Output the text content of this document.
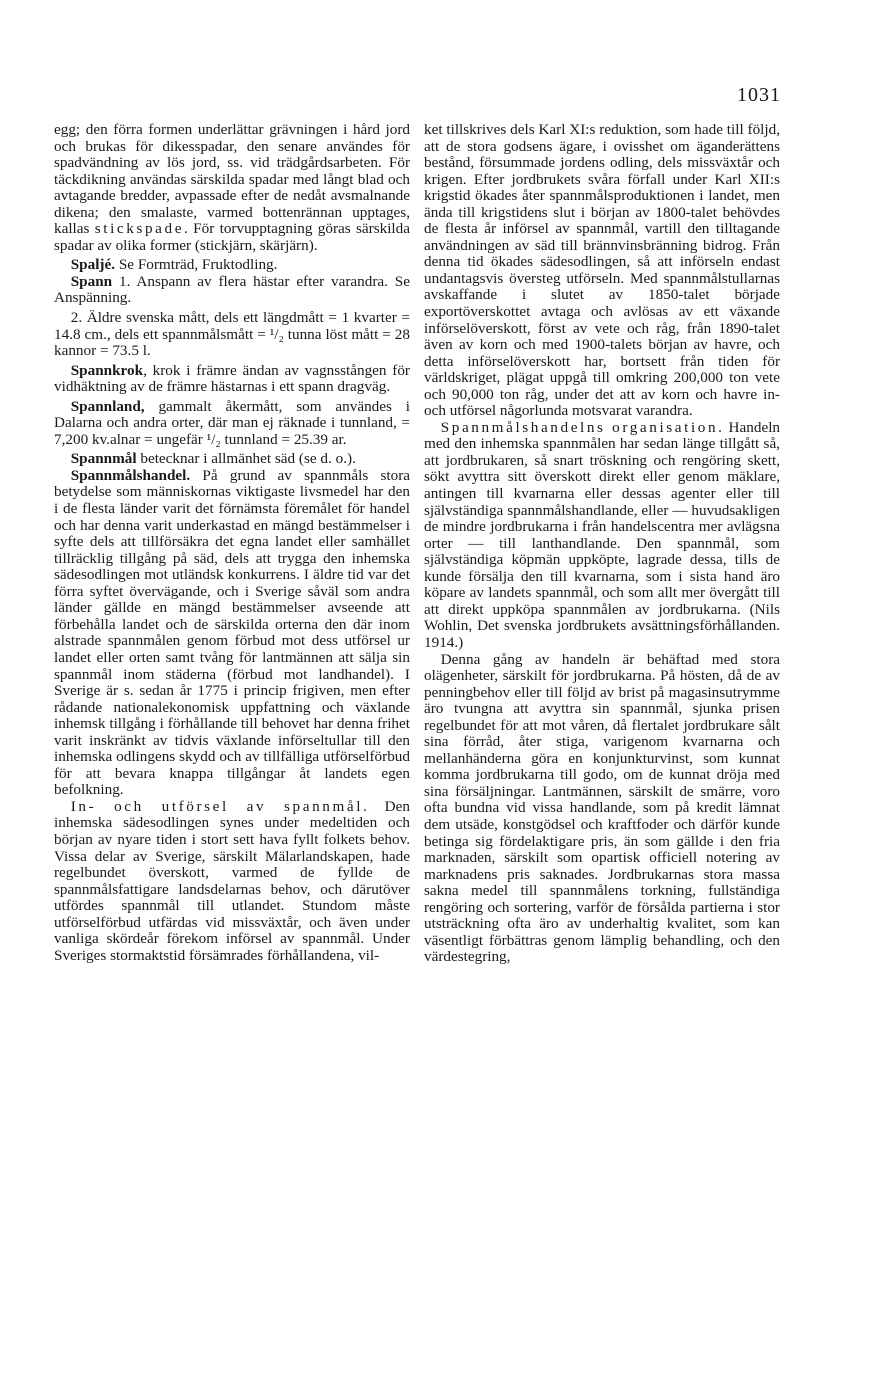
1031

egg; den förra formen underlättar grävningen i hård jord och brukas för dikesspadar, den senare användes för spadvändning av lös jord, ss. vid trädgårdsarbeten. För täckdikning användas särskilda spadar med långt blad och avtagande bredder, avpassade efter de nedåt avsmalnande dikena; den smalaste, varmed bottenrännan upptages, kallas stickspade. För torvupptagning göras särskilda spadar av olika former (stickjärn, skärjärn).

Spaljé. Se Formträd, Fruktodling.

Spann 1. Anspann av flera hästar efter varandra. Se Anspänning.

2. Äldre svenska mått, dels ett längdmått = 1 kvarter = 14.8 cm., dels ett spannmålsmått = ¹/₂ tunna löst mått = 28 kannor = 73.5 l.

Spannkrok, krok i främre ändan av vagnsstången för vidhäktning av de främre hästarnas i ett spann dragväg.

Spannland, gammalt åkermått, som användes i Dalarna och andra orter, där man ej räknade i tunnland, = 7,200 kv.alnar = ungefär ¹/₂ tunnland = 25.39 ar.

Spannmål betecknar i allmänhet säd (se d. o.).

Spannmålshandel. På grund av spannmåls stora betydelse som människornas viktigaste livsmedel har den i de flesta länder varit det förnämsta föremålet för handel och har denna varit underkastad en mängd bestämmelser i syfte dels att tillförsäkra det egna landet eller samhället tillräcklig tillgång på säd, dels att trygga den inhemska sädesodlingen mot utländsk konkurrens. I äldre tid var det förra syftet övervägande, och i Sverige såväl som andra länder gällde en mängd bestämmelser avseende att förbehålla landet och de särskilda orterna den där inom alstrade spannmålen genom förbud mot dess utförsel ur landet eller orten samt tvång för lantmännen att sälja sin spannmål inom städerna (förbud mot landhandel). I Sverige är s. sedan år 1775 i princip frigiven, men efter rådande nationalekonomisk uppfattning och växlande inhemsk tillgång i förhållande till behovet har denna frihet varit inskränkt av tidvis växlande införseltullar till den inhemska odlingens skydd och av tillfälliga utförselförbud för att bevara knappa tillgångar åt landets egen befolkning.

In- och utförsel av spannmål. Den inhemska sädesodlingen synes under medeltiden och början av nyare tiden i stort sett hava fyllt folkets behov. Vissa delar av Sverige, särskilt Mälarlandskapen, hade regelbundet överskott, varmed de fyllde de spannmålsfattigare landsdelarnas behov, och därutöver utfördes spannmål till utlandet. Stundom måste utförselförbud utfärdas vid missväxtår, och även under vanliga skördeår förekom införsel av spannmål. Under Sveriges stormaktstid försämrades förhållandena, vil-

ket tillskrives dels Karl XI:s reduktion, som hade till följd, att de stora godsens ägare, i ovisshet om äganderättens bestånd, försummade jordens odling, dels missväxtår och krigen. Efter jordbrukets svåra förfall under Karl XII:s krigstid ökades åter spannmålsproduktionen i landet, men ända till krigstidens slut i början av 1800-talet behövdes de flesta år införsel av spannmål, vartill den tilltagande användningen av säd till brännvinsbränning bidrog. Från denna tid ökades sädesodlingen, så att införseln endast undantagsvis översteg utförseln. Med spannmålstullarnas avskaffande i slutet av 1850-talet började exportöverskottet avtaga och avlösas av ett växande införselöverskott, först av vete och råg, från 1890-talet även av korn och med 1900-talets början av havre, och detta införselöverskott har, bortsett från tiden för världskriget, plägat uppgå till omkring 200,000 ton vete och 90,000 ton råg, under det att av korn och havre in- och utförsel någorlunda motsvarat varandra.

Spannmålshandelns organisation. Handeln med den inhemska spannmålen har sedan länge tillgått så, att jordbrukaren, så snart tröskning och rengöring skett, sökt avyttra sitt överskott direkt eller genom mäklare, antingen till kvarnarna eller dessas agenter eller till självständiga spannmålshandlande, eller — huvudsakligen de mindre jordbrukarna i från handelscentra mer avlägsna orter — till lanthandlande. Den spannmål, som självständiga köpmän uppköpte, lagrade dessa, tills de kunde försälja den till kvarnarna, som i sista hand äro köpare av landets spannmål, och som allt mer övergått till att direkt uppköpa spannmålen av jordbrukarna. (Nils Wohlin, Det svenska jordbrukets avsättningsförhållanden. 1914.)

Denna gång av handeln är behäftad med stora olägenheter, särskilt för jordbrukarna. På hösten, då de av penningbehov eller till följd av brist på magasinsutrymme äro tvungna att avyttra sin spannmål, sjunka prisen regelbundet för att mot våren, då flertalet jordbrukare sålt sina förråd, åter stiga, varigenom kvarnarna och mellanhänderna göra en konjunkturvinst, som kunnat komma jordbrukarna till godo, om de kunnat dröja med sina försäljningar. Lantmännen, särskilt de smärre, voro ofta bundna vid vissa handlande, som på kredit lämnat dem utsäde, konstgödsel och kraftfoder och därför kunde betinga sig fördelaktigare pris, än som gällde i den fria marknaden, särskilt som opartisk officiell notering av marknadens pris saknades. Jordbrukarnas stora massa sakna medel till spannmålens torkning, fullständiga rengöring och sortering, varför de försålda partierna i stor utsträckning ofta äro av underhaltig kvalitet, som kan väsentligt förbättras genom lämplig behandling, och den värdestegring,
